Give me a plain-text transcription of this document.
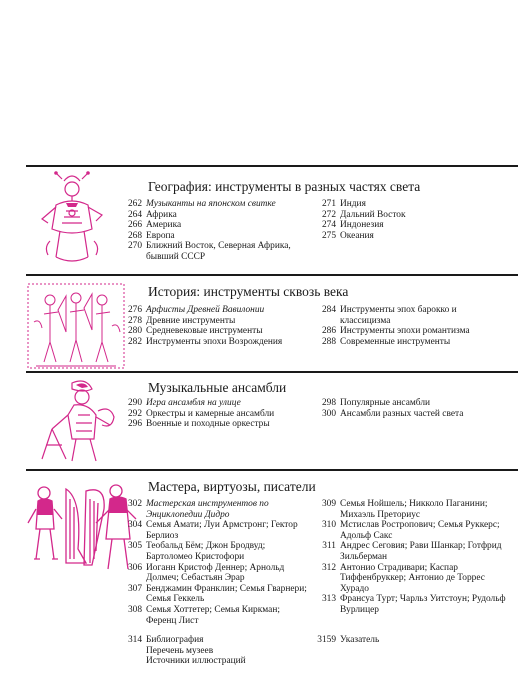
География: инструменты в разных частях света
262 Музыканты на японском свитке
264 Африка
266 Америка
268 Европа
270 Ближний Восток, Северная Африка, бывший СССР
271 Индия
272 Дальний Восток
274 Индонезия
275 Океания
История: инструменты сквозь века
276 Арфисты Древней Вавилонии
278 Древние инструменты
280 Средневековые инструменты
282 Инструменты эпохи Возрождения
284 Инструменты эпох барокко и классицизма
286 Инструменты эпохи романтизма
288 Современные инструменты
Музыкальные ансамбли
290 Игра ансамбля на улице
292 Оркестры и камерные ансамбли
296 Военные и походные оркестры
298 Популярные ансамбли
300 Ансамбли разных частей света
Мастера, виртуозы, писатели
302 Мастерская инструментов по Энциклопедии Дидро
304 Семья Амати; Луи Армстронг; Гектор Берлиоз
305 Теобальд Бём; Джон Бродвуд; Бартоломео Кристофори
306 Иоганн Кристоф Деннер; Арнольд Долмеч; Себастьян Эрар
307 Бенджамин Франклин; Семья Гварнери; Семья Геккель
308 Семья Хоттетер; Семья Киркман; Ференц Лист
309 Семья Нойшель; Никколо Паганини; Михаэль Преториус
310 Мстислав Ростропович; Семья Руккерс; Адольф Сакс
311 Андрес Сеговия; Рави Шанкар; Готфрид Зильберман
312 Антонио Страдивари; Каспар Тиффенбруккер; Антонио де Торрес Хурадо
313 Франсуа Турт; Чарльз Уитстоун; Рудольф Вурлицер
314 Библиография
Перечень музеев
Источники иллюстраций
3159 Указатель
